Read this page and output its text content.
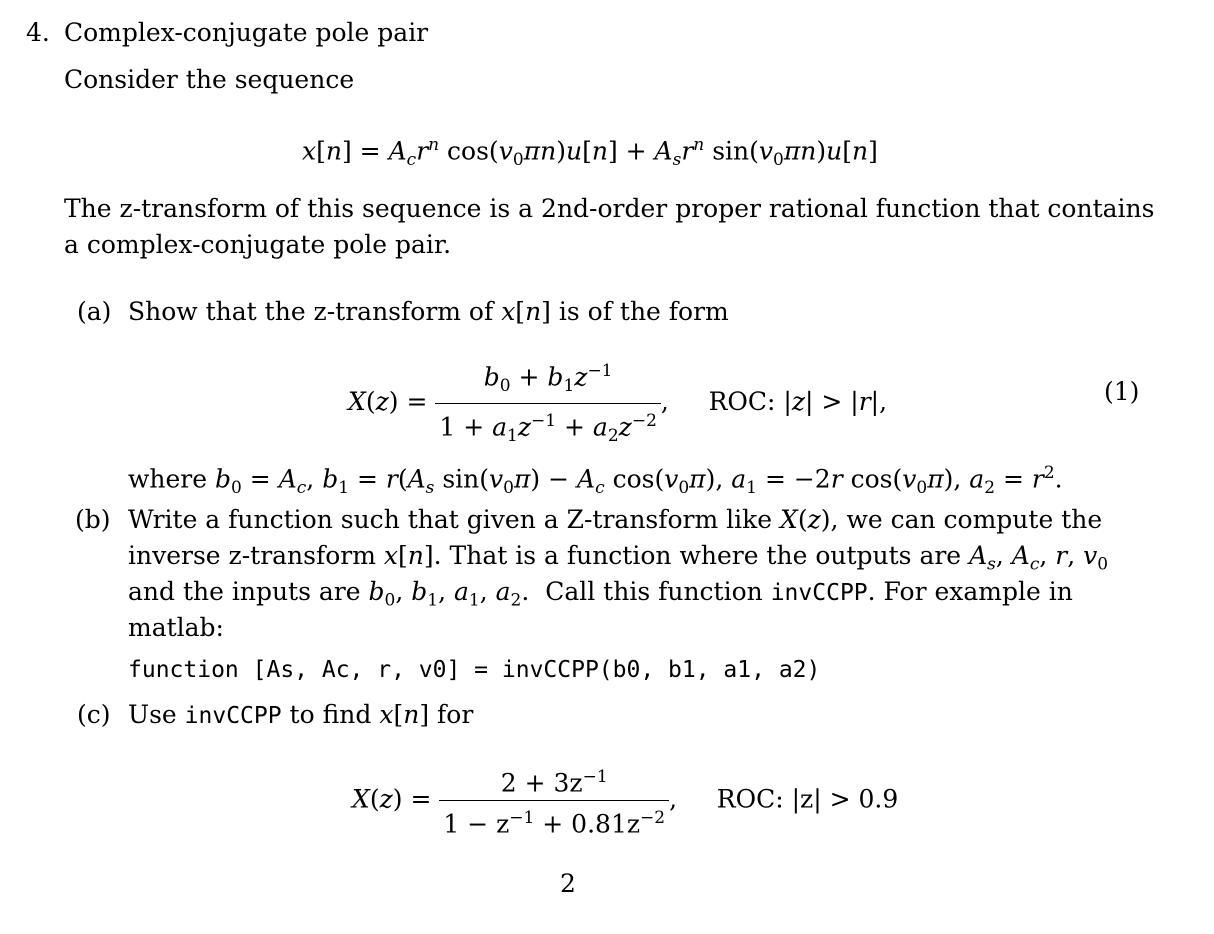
4. Complex-conjugate pole pair
Consider the sequence
$x[n] = A_cr^n$ $\cos(v_0\pi n)u[n] + A_sr^n$ $\sin(v_0\pi n)u[n]$
The z-transform of this sequence is a 2nd-order proper rational function that contains
a complex-conjugate pole pair.
(a) Show that the z-transform of x[n] is of the form
$X(z) = \frac{b_0 + b_1z^{-1}}{1 + a_1z^{-1} + a_2z^{-2}}$ ,     ROC: |z| > |r|,	(1)
where $b_0 = A_c$, $b_1 = r(A_s$ $\sin(v_0\pi) - A_c$ $\cos(v_0\pi)$, $a_1 = -2r$ $\cos(v_0\pi)$, $a_2 = r^2$.
(b) Write a function such that given a Z-transform like X(z), we can compute the
inverse z-transform x[n]. That is a function where the outputs are $A_s$, $A_c$, r, $v_0$
and the inputs are $b_0$, $b_1$, $a_1$, $a_2$.  Call this function invCCPP. For example in
matlab:
function [As, Ac, r, v0] = invCCPP(b0, b1, a1, a2)
(c) Use invCCPP to find x[n] for
$X(z) = \frac{2 + 3z^{-1}}{1 - z^{-1} + 0.81z^{-2}}$ ,     ROC: |z| > 0.9
2
